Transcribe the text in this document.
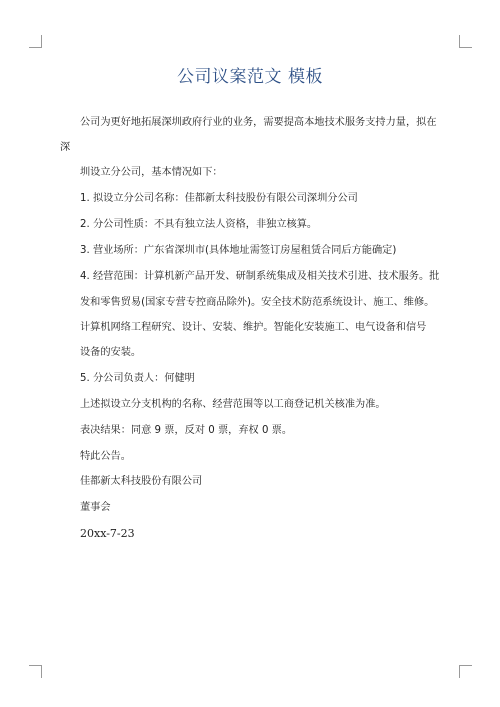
公司议案范文 模板
公司为更好地拓展深圳政府行业的业务，需要提高本地技术服务支持力量，拟在
深
圳设立分公司，基本情况如下：
1. 拟设立分公司名称：佳都新太科技股份有限公司深圳分公司
2. 分公司性质：不具有独立法人资格，非独立核算。
3. 营业场所：广东省深圳市(具体地址需签订房屋租赁合同后方能确定)
4. 经营范围：计算机新产品开发、研制系统集成及相关技术引进、技术服务。批
发和零售贸易(国家专营专控商品除外)。安全技术防范系统设计、施工、维修。
计算机网络工程研究、设计、安装、维护。智能化安装施工、电气设备和信号
设备的安装。
5. 分公司负责人：何健明
上述拟设立分支机构的名称、经营范围等以工商登记机关核准为准。
表决结果：同意 9 票，反对 0 票，弃权 0 票。
特此公告。
佳都新太科技股份有限公司
董事会
20xx-7-23
